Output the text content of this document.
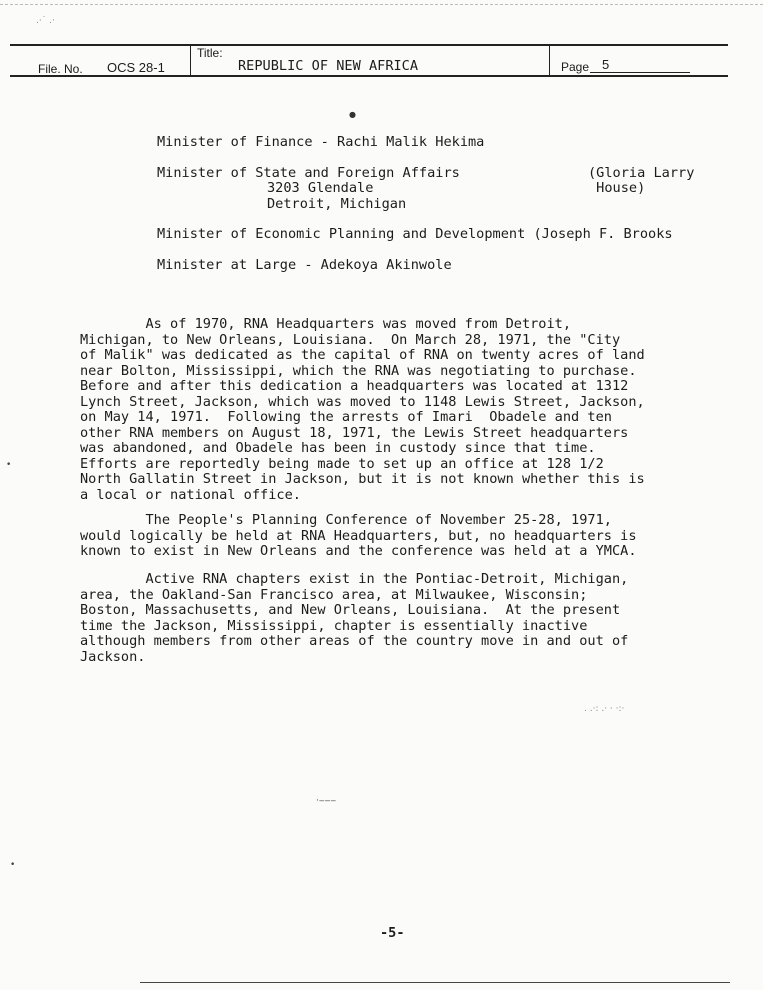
.·˙ .·
●
. .·: .· · ·:·
·‒‒‒
•
•
File. No. OCS 28-1
Title:
REPUBLIC OF NEW AFRICA	Page 5
Minister of Finance - Rachi Malik Hekima
Minister of State and Foreign Affairs
3203 Glendale
Detroit, Michigan
(Gloria Larry
House)
Minister of Economic Planning and Development (Joseph F. Brooks
Minister at Large - Adekoya Akinwole
As of 1970, RNA Headquarters was moved from Detroit,
Michigan, to New Orleans, Louisiana.  On March 28, 1971, the "City
of Malik" was dedicated as the capital of RNA on twenty acres of land
near Bolton, Mississippi, which the RNA was negotiating to purchase.
Before and after this dedication a headquarters was located at 1312
Lynch Street, Jackson, which was moved to 1148 Lewis Street, Jackson,
on May 14, 1971.  Following the arrests of Imari  Obadele and ten
other RNA members on August 18, 1971, the Lewis Street headquarters
was abandoned, and Obadele has been in custody since that time.
Efforts are reportedly being made to set up an office at 128 1/2
North Gallatin Street in Jackson, but it is not known whether this is
a local or national office.
The People's Planning Conference of November 25-28, 1971,
would logically be held at RNA Headquarters, but, no headquarters is
known to exist in New Orleans and the conference was held at a YMCA.
Active RNA chapters exist in the Pontiac-Detroit, Michigan,
area, the Oakland-San Francisco area, at Milwaukee, Wisconsin;
Boston, Massachusetts, and New Orleans, Louisiana.  At the present
time the Jackson, Mississippi, chapter is essentially inactive
although members from other areas of the country move in and out of
Jackson.
-5-
